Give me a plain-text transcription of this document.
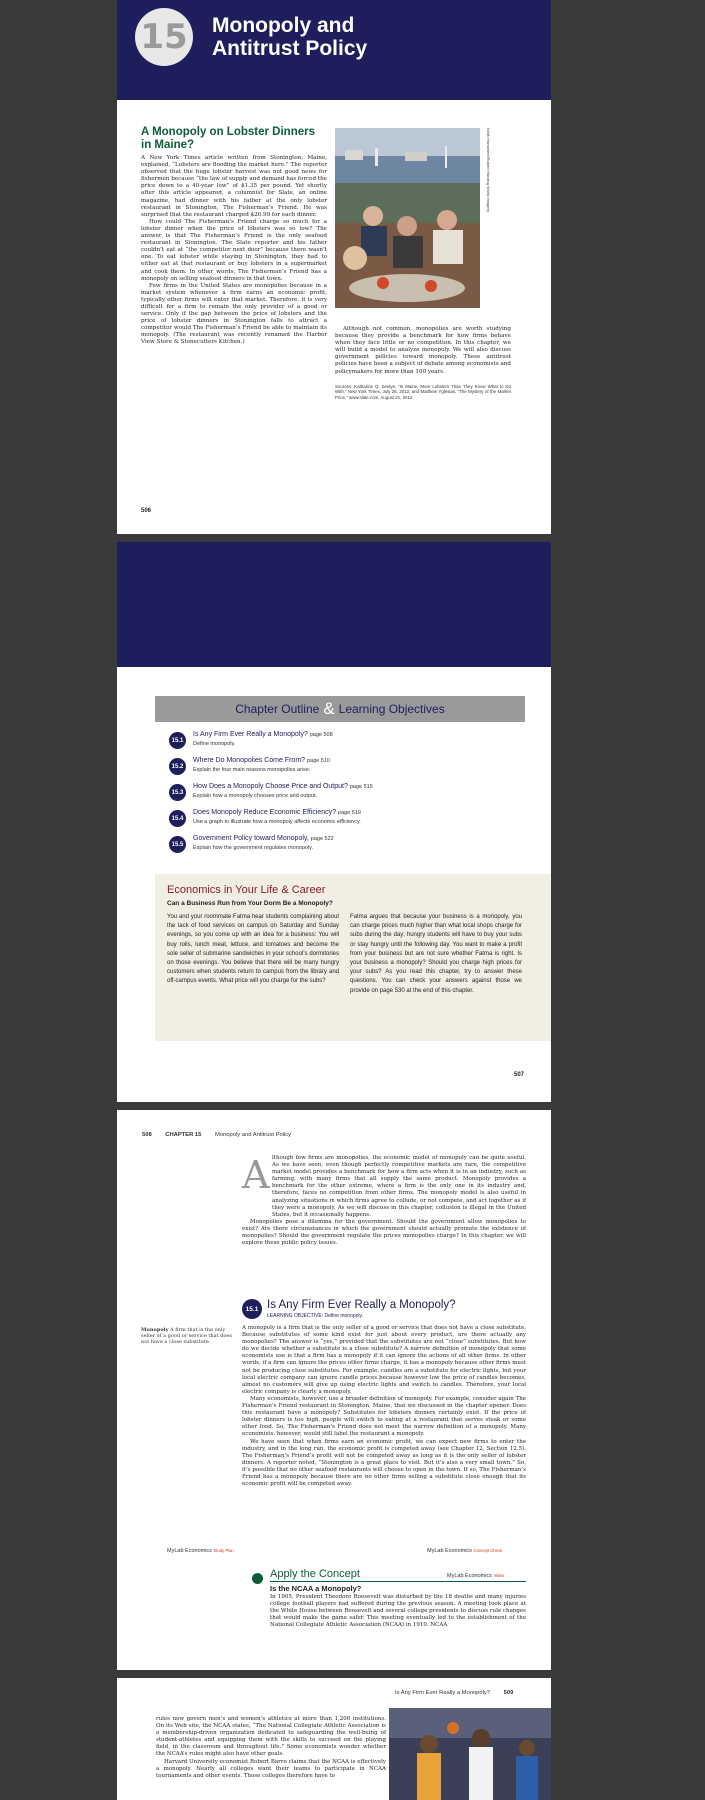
15 Monopoly and
Antitrust Policy
A Monopoly on Lobster Dinners in Maine?

A New York Times article written from Stonington, Maine, explained, “Lobsters are flooding the market here.” The reporter observed that the huge lobster harvest was not good news for fishermen because “the law of supply and demand has forced the price down to a 40-year low” of $1.35 per pound. Yet shortly after this article appeared, a columnist for Slate, an online magazine, had dinner with his father at the only lobster restaurant in Stonington, The Fisherman’s Friend. He was surprised that the restaurant charged $20.99 for each dinner.

How could The Fisherman’s Friend charge so much for a lobster dinner when the price of lobsters was so low? The answer is that The Fisherman’s Friend is the only seafood restaurant in Stonington. The Slate reporter and his father couldn’t eat at “the competitor next door” because there wasn’t one. To eat lobster while staying in Stonington, they had to either eat at that restaurant or buy lobsters in a supermarket and cook them. In other words, The Fisherman’s Friend has a monopoly on selling seafood dinners in that town.

Few firms in the United States are monopolies because in a market system whenever a firm earns an economic profit, typically other firms will enter that market. Therefore, it is very difficult for a firm to remain the only provider of a good or service. Only if the gap between the price of lobsters and the price of lobster dinners in Stonington falls to attract a competitor would The Fisherman’s Friend be able to maintain its monopoly. (The restaurant was recently renamed the Harbor View Store & Stonecutters Kitchen.)

Keith Hamshere/Robert Harding World Imagery

Although not common, monopolies are worth studying because they provide a benchmark for how firms behave when they face little or no competition. In this chapter, we will build a model to analyze monopoly. We will also discuss government policies toward monopoly. These antitrust policies have been a subject of debate among economists and policymakers for more than 100 years.

Sources: Katharine Q. Seelye, “In Maine, More Lobsters Than They Know What to Do With,” New York Times, July 28, 2012; and Matthew Yglesias, “The Mystery of the Market Price,” www.slate.com, August 21, 2012.

506
Chapter Outline & Learning Objectives
15.1
Is Any Firm Ever Really a Monopoly? page 508
Define monopoly.
15.2
Where Do Monopolies Come From? page 510
Explain the four main reasons monopolies arise.
15.3
How Does a Monopoly Choose Price and Output? page 515
Explain how a monopoly chooses price and output.
15.4
Does Monopoly Reduce Economic Efficiency? page 519
Use a graph to illustrate how a monopoly affects economic efficiency.
15.5
Government Policy toward Monopoly, page 522
Explain how the government regulates monopoly.
Economics in Your Life & Career
Can a Business Run from Your Dorm Be a Monopoly?
You and your roommate Fatma hear students complaining about the lack of food services on campus on Saturday and Sunday evenings, so you come up with an idea for a business: You will buy rolls, lunch meat, lettuce, and tomatoes and become the sole seller of submarine sandwiches in your school’s dormitories on those evenings. You believe that there will be many hungry customers when students return to campus from the library and off-campus events. What price will you charge for the subs?
Fatma argues that because your business is a monopoly, you can charge prices much higher than what local shops charge for subs during the day; hungry students will have to buy your subs or stay hungry until the following day. You want to make a profit from your business but are not sure whether Fatma is right. Is your business a monopoly? Should you charge high prices for your subs? As you read this chapter, try to answer these questions. You can check your answers against those we provide on page 530 at the end of this chapter.
507
508 CHAPTER 15 Monopoly and Antitrust Policy
A lthough few firms are monopolies, the economic model of monopoly can be quite useful. As we have seen, even though perfectly competitive markets are rare, the competitive market model provides a benchmark for how a firm acts when it is in an industry, such as farming, with many firms that all supply the same product. Monopoly provides a benchmark for the other extreme, where a firm is the only one in its industry and, therefore, faces no competition from other firms. The monopoly model is also useful in analyzing situations in which firms agree to collude, or not compete, and act together as if they were a monopoly. As we will discuss in this chapter, collusion is illegal in the United States, but it occasionally happens.

Monopolies pose a dilemma for the government. Should the government allow monopolies to exist? Are there circumstances in which the government should actually promote the existence of monopolies? Should the government regulate the prices monopolies charge? In this chapter, we will explore these public policy issues.

15.1 Is Any Firm Ever Really a Monopoly?
LEARNING OBJECTIVE: Define monopoly.
Monopoly A firm that is the only seller of a good or service that does not have a close substitute.

A monopoly is a firm that is the only seller of a good or service that does not have a close substitute. Because substitutes of some kind exist for just about every product, are there actually any monopolies? The answer is “yes,” provided that the substitutes are not “close” substitutes. But how do we decide whether a substitute is a close substitute? A narrow definition of monopoly that some economists use is that a firm has a monopoly if it can ignore the actions of all other firms. In other words, if a firm can ignore the prices other firms charge, it has a monopoly because other firms must not be producing close substitutes. For example, candles are a substitute for electric lights, but your local electric company can ignore candle prices because however low the price of candles becomes, almost no customers will give up using electric lights and switch to candles. Therefore, your local electric company is clearly a monopoly.

Many economists, however, use a broader definition of monopoly. For example, consider again The Fisherman’s Friend restaurant in Stonington, Maine, that we discussed in the chapter opener. Does this restaurant have a monopoly? Substitutes for lobsters dinners certainly exist. If the price of lobster dinners is too high, people will switch to eating at a restaurant that serves steak or some other food. So, The Fisherman’s Friend does not meet the narrow definition of a monopoly. Many economists, however, would still label the restaurant a monopoly.

We have seen that when firms earn an economic profit, we can expect new firms to enter the industry, and in the long run, the economic profit is competed away (see Chapter 12, Section 12.5). The Fisherman’s Friend’s profit will not be competed away as long as it is the only seller of lobster dinners. A reporter noted, “Stonington is a great place to visit. But it’s also a very small town.” So, it’s possible that no other seafood restaurants will choose to open in the town. If so, The Fisherman’s Friend has a monopoly because there are no other firms selling a substitute close enough that its economic profit will be competed away.

MyLab Economics Study Plan	MyLab Economics Concept Check
Apply the Concept	MyLab Economics Video
Is the NCAA a Monopoly?
In 1905, President Theodore Roosevelt was disturbed by the 18 deaths and many injuries college football players had suffered during the previous season. A meeting took place at the White House between Roosevelt and several college presidents to discuss rule changes that would make the game safer. This meeting eventually led to the establishment of the National Collegiate Athletic Association (NCAA) in 1910. NCAA
Is Any Firm Ever Really a Monopoly? 509

rules now govern men’s and women’s athletics at more than 1,200 institutions. On its Web site, the NCAA states, “The National Collegiate Athletic Association is a membership-driven organization dedicated to safeguarding the well-being of student-athletes and equipping them with the skills to succeed on the playing field, in the classroom and throughout life.” Some economists wonder whether the NCAA’s rules might also have other goals.

Harvard University economist Robert Barro claims that the NCAA is effectively a monopoly. Nearly all colleges want their teams to participate in NCAA tournaments and other events. Those colleges therefore have to
